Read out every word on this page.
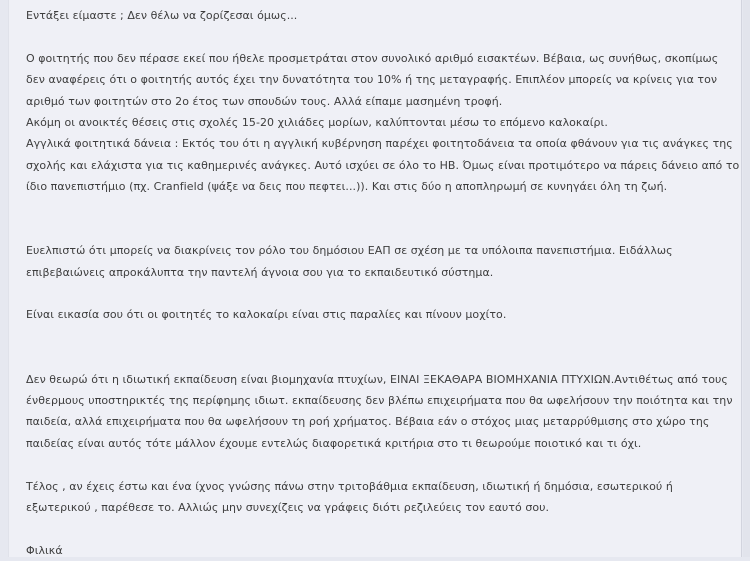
Εντάξει είμαστε ; Δεν θέλω να ζορίζεσαι όμως...
Ο φοιτητής που δεν πέρασε εκεί που ήθελε προσμετράται στον συνολικό αριθμό εισακτέων. Βέβαια, ως συνήθως, σκοπίμως
δεν αναφέρεις ότι ο φοιτητής αυτός έχει την δυνατότητα του 10% ή της μεταγραφής. Επιπλέον μπορείς να κρίνεις για τον
αριθμό των φοιτητών στο 2ο έτος των σπουδών τους. Αλλά είπαμε μασημένη τροφή.
Ακόμη οι ανοικτές θέσεις στις σχολές 15-20 χιλιάδες μορίων, καλύπτονται μέσω το επόμενο καλοκαίρι.
Αγγλικά φοιτητικά δάνεια : Εκτός του ότι η αγγλική κυβέρνηση παρέχει φοιτητοδάνεια τα οποία φθάνουν για τις ανάγκες της
σχολής και ελάχιστα για τις καθημερινές ανάγκες. Αυτό ισχύει σε όλο το ΗΒ. Όμως είναι προτιμότερο να πάρεις δάνειο από το
ίδιο πανεπιστήμιο (πχ. Cranfield (ψάξε να δεις που πεφτει...)). Και στις δύο η αποπληρωμή σε κυνηγάει όλη τη ζωή.
Ευελπιστώ ότι μπορείς να διακρίνεις τον ρόλο του δημόσιου ΕΑΠ σε σχέση με τα υπόλοιπα πανεπιστήμια. Ειδάλλως
επιβεβαιώνεις απροκάλυπτα την παντελή άγνοια σου για το εκπαιδευτικό σύστημα.
Είναι εικασία σου ότι οι φοιτητές το καλοκαίρι είναι στις παραλίες και πίνουν μοχίτο.
Δεν θεωρώ ότι η ιδιωτική εκπαίδευση είναι βιομηχανία πτυχίων, ΕΙΝΑΙ ΞΕΚΑΘΑΡΑ ΒΙΟΜΗΧΑΝΙΑ ΠΤΥΧΙΩΝ.Αντιθέτως από τους
ένθερμους υποστηρικτές της περίφημης ιδιωτ. εκπαίδευσης δεν βλέπω επιχειρήματα που θα ωφελήσουν την ποιότητα και την
παιδεία, αλλά επιχειρήματα που θα ωφελήσουν τη ροή χρήματος. Βέβαια εάν ο στόχος μιας μεταρρύθμισης στο χώρο της
παιδείας είναι αυτός τότε μάλλον έχουμε εντελώς διαφορετικά κριτήρια στο τι θεωρούμε ποιοτικό και τι όχι.
Τέλος , αν έχεις έστω και ένα ίχνος γνώσης πάνω στην τριτοβάθμια εκπαίδευση, ιδιωτική ή δημόσια, εσωτερικού ή
εξωτερικού , παρέθεσε το. Αλλιώς μην συνεχίζεις να γράφεις διότι ρεζιλεύεις τον εαυτό σου.
Φιλικά
